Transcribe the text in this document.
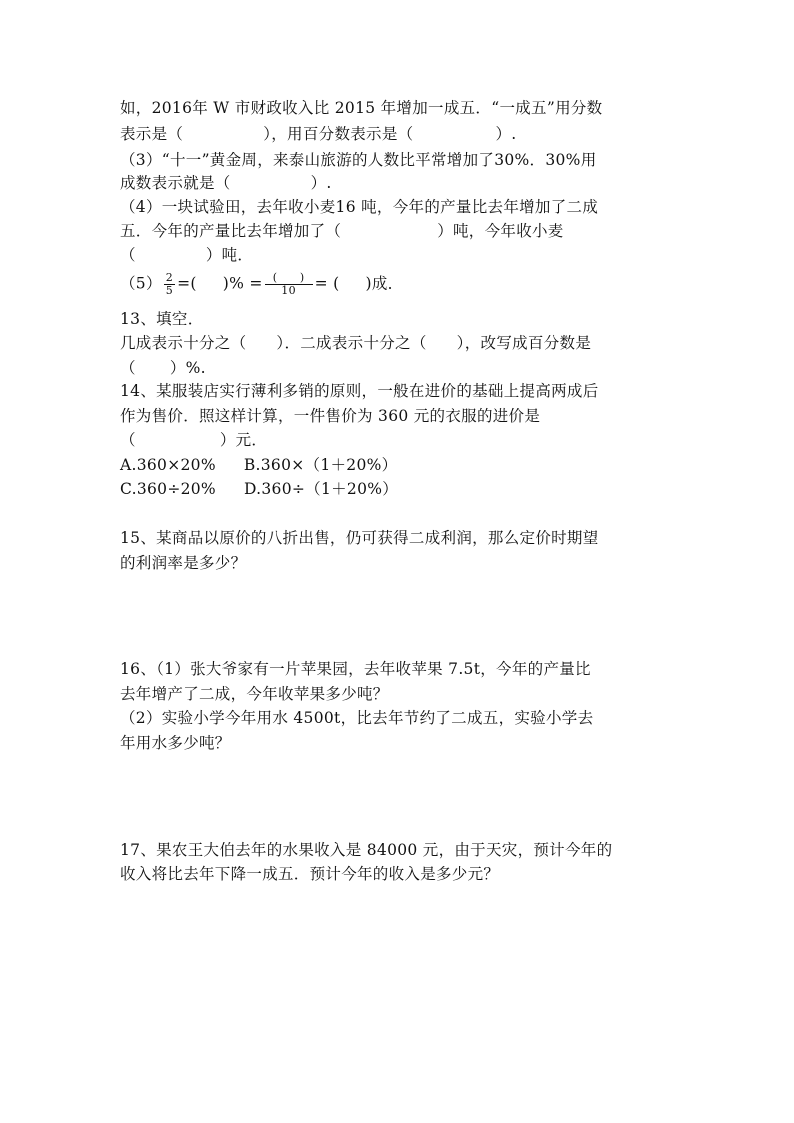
如，2016年 W 市财政收入比 2015 年增加一成五．“一成五”用分数
表示是（	），用百分数表示是（	）.
（3）“十一”黄金周，来泰山旅游的人数比平常增加了30%．30%用
成数表示就是（	）.
（4）一块试验田，去年收小麦16 吨，今年的产量比去年增加了二成
五．今年的产量比去年增加了（	）吨，今年收小麦
（	）吨．
$(5) \frac{2}{5}$ =( )% = $\frac{( )}{10}$ = ( )成．
13、填空．
几成表示十分之（ ）．二成表示十分之（ ），改写成百分数是
（ ）%.
14、某服装店实行薄利多销的原则，一般在进价的基础上提高两成后
作为售价．照这样计算，一件售价为 360 元的衣服的进价是
（	）元．
A.360×20% B.360×（1＋20%）
C.360÷20% D.360÷（1＋20%）
15、某商品以原价的八折出售，仍可获得二成利润，那么定价时期望
的利润率是多少？
16、（1）张大爷家有一片苹果园，去年收苹果 7.5t，今年的产量比
去年增产了二成，今年收苹果多少吨？
（2）实验小学今年用水 4500t，比去年节约了二成五，实验小学去
年用水多少吨？
17、果农王大伯去年的水果收入是 84000 元，由于天灾，预计今年的
收入将比去年下降一成五．预计今年的收入是多少元？
